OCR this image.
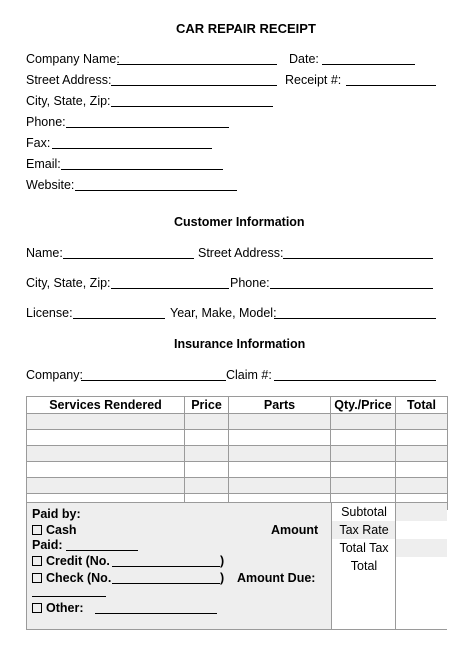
CAR REPAIR RECEIPT
Company Name:	Date:
Street Address:	Receipt #:
City, State, Zip:
Phone:
Fax:
Email:
Website:
Customer Information
Name:	Street Address:
City, State, Zip:	Phone:
License:	Year, Make, Model:
Insurance Information
Company:	Claim #:
Services Rendered	Price	Parts	Qty./Price	Total

Paid by:
Cash	Amount
Paid:
Credit (No.	)
Check (No.	) Amount Due:
Other:
Subtotal
Tax Rate
Total Tax
Total
